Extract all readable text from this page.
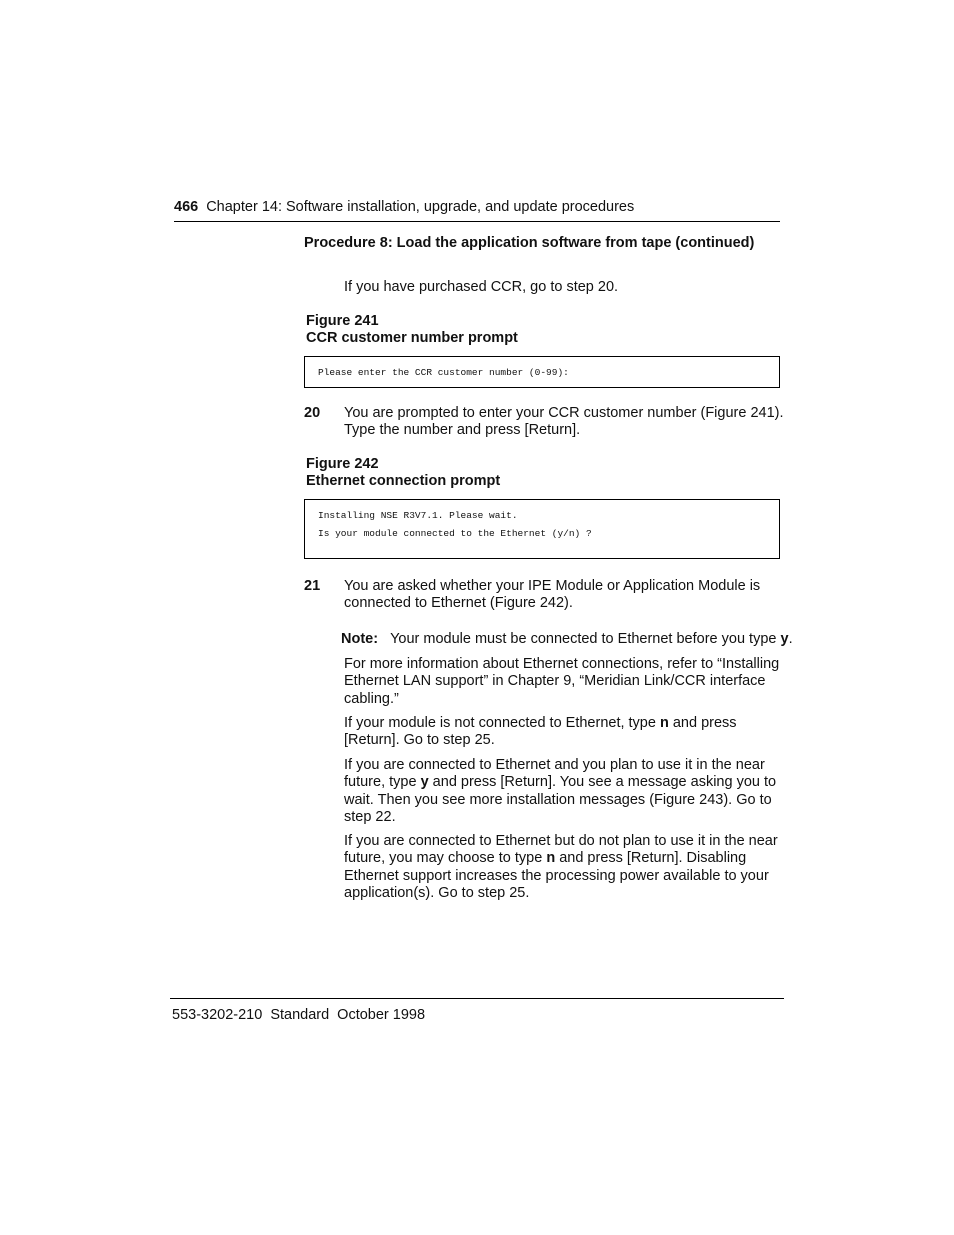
466 Chapter 14: Software installation, upgrade, and update procedures
Procedure 8: Load the application software from tape (continued)
If you have purchased CCR, go to step 20.
Figure 241
CCR customer number prompt
Please enter the CCR customer number (0-99):
20 You are prompted to enter your CCR customer number (Figure 241).
Type the number and press [Return].
Figure 242
Ethernet connection prompt
Installing NSE R3V7.1. Please wait.
Is your module connected to the Ethernet (y/n) ?
21 You are asked whether your IPE Module or Application Module is
connected to Ethernet (Figure 242).
Note: Your module must be connected to Ethernet before you type y.
For more information about Ethernet connections, refer to “Installing
Ethernet LAN support” in Chapter 9, “Meridian Link/CCR interface
cabling.”
If your module is not connected to Ethernet, type n and press
[Return]. Go to step 25.
If you are connected to Ethernet and you plan to use it in the near
future, type y and press [Return]. You see a message asking you to
wait. Then you see more installation messages (Figure 243). Go to
step 22.
If you are connected to Ethernet but do not plan to use it in the near
future, you may choose to type n and press [Return]. Disabling
Ethernet support increases the processing power available to your
application(s). Go to step 25.
553-3202-210 Standard October 1998
